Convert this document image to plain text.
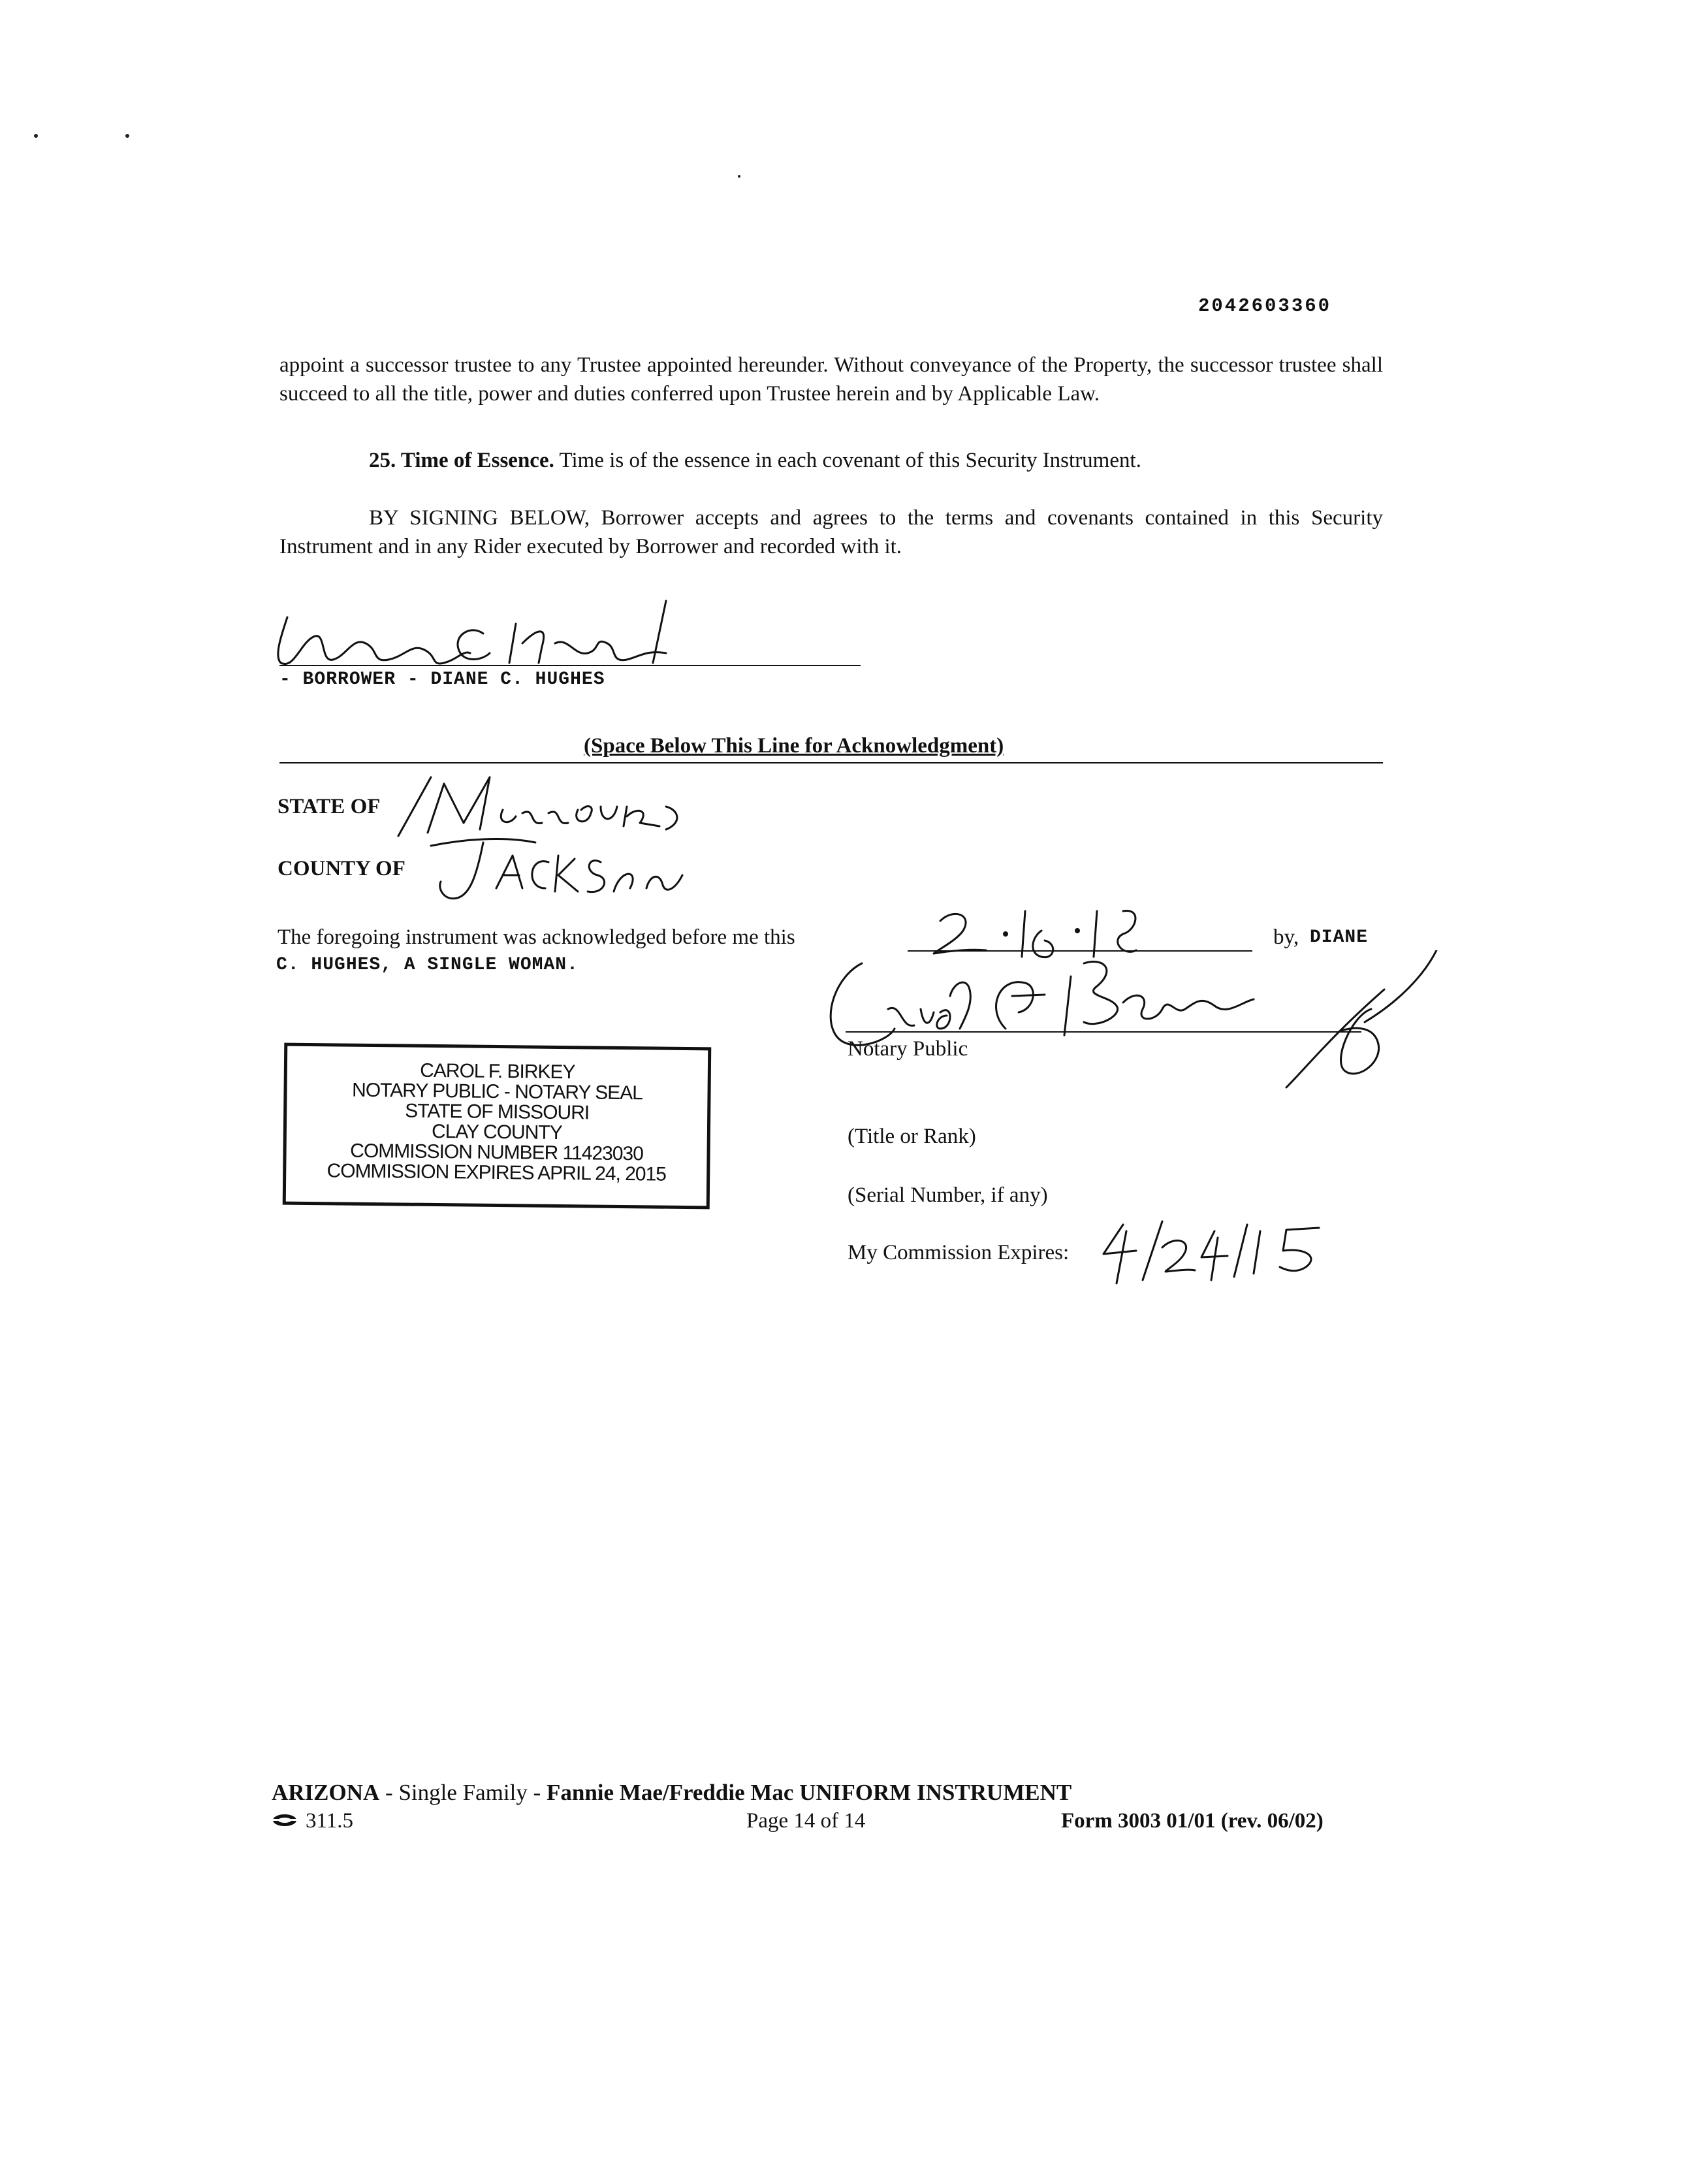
2042603360
appoint a successor trustee to any Trustee appointed hereunder. Without conveyance of the Property, the successor trustee shall succeed to all the title, power and duties conferred upon Trustee herein and by Applicable Law.
25. Time of Essence. Time is of the essence in each covenant of this Security Instrument.
BY SIGNING BELOW, Borrower accepts and agrees to the terms and covenants contained in this Security Instrument and in any Rider executed by Borrower and recorded with it.
- BORROWER - DIANE C. HUGHES
(Space Below This Line for Acknowledgment)
STATE OF
COUNTY OF
The foregoing instrument was acknowledged before me this	by, DIANE
C. HUGHES, A SINGLE WOMAN.
Notary Public
CAROL F. BIRKEY
NOTARY PUBLIC - NOTARY SEAL
STATE OF MISSOURI
CLAY COUNTY
COMMISSION NUMBER 11423030
COMMISSION EXPIRES APRIL 24, 2015
(Title or Rank)
(Serial Number, if any)
My Commission Expires:
ARIZONA - Single Family - Fannie Mae/Freddie Mac UNIFORM INSTRUMENT
311.5	Page 14 of 14	Form 3003 01/01 (rev. 06/02)
